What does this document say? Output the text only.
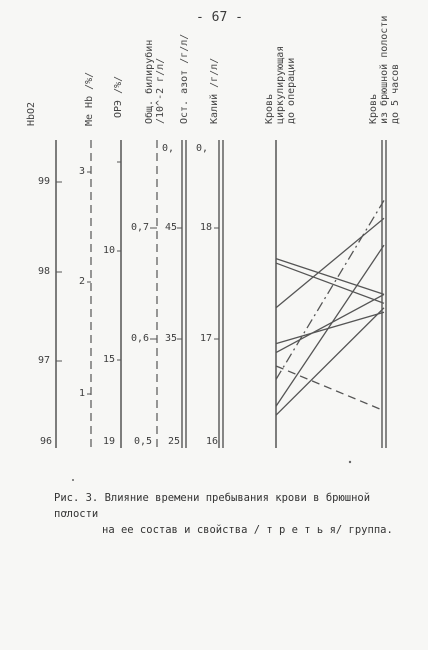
- 67 -
HbO2	Me Hb /%/ ОРЭ /%/ Общ. билирубин /10^-2 г/л/ Ост. азот /г/л/ Калий /г/л/	Кровь циркулирующая до операции	Кровь из брюшной полости до 5 часов
99
98
97
96
3
2
1
10
15
19
0,7
0,6
0,5
0,
45
35
25
0,
18
17
16
Рис. 3. Влияние времени пребывания крови в брюшной полости
на ее состав и свойства / т р е т ь я/ группа.
